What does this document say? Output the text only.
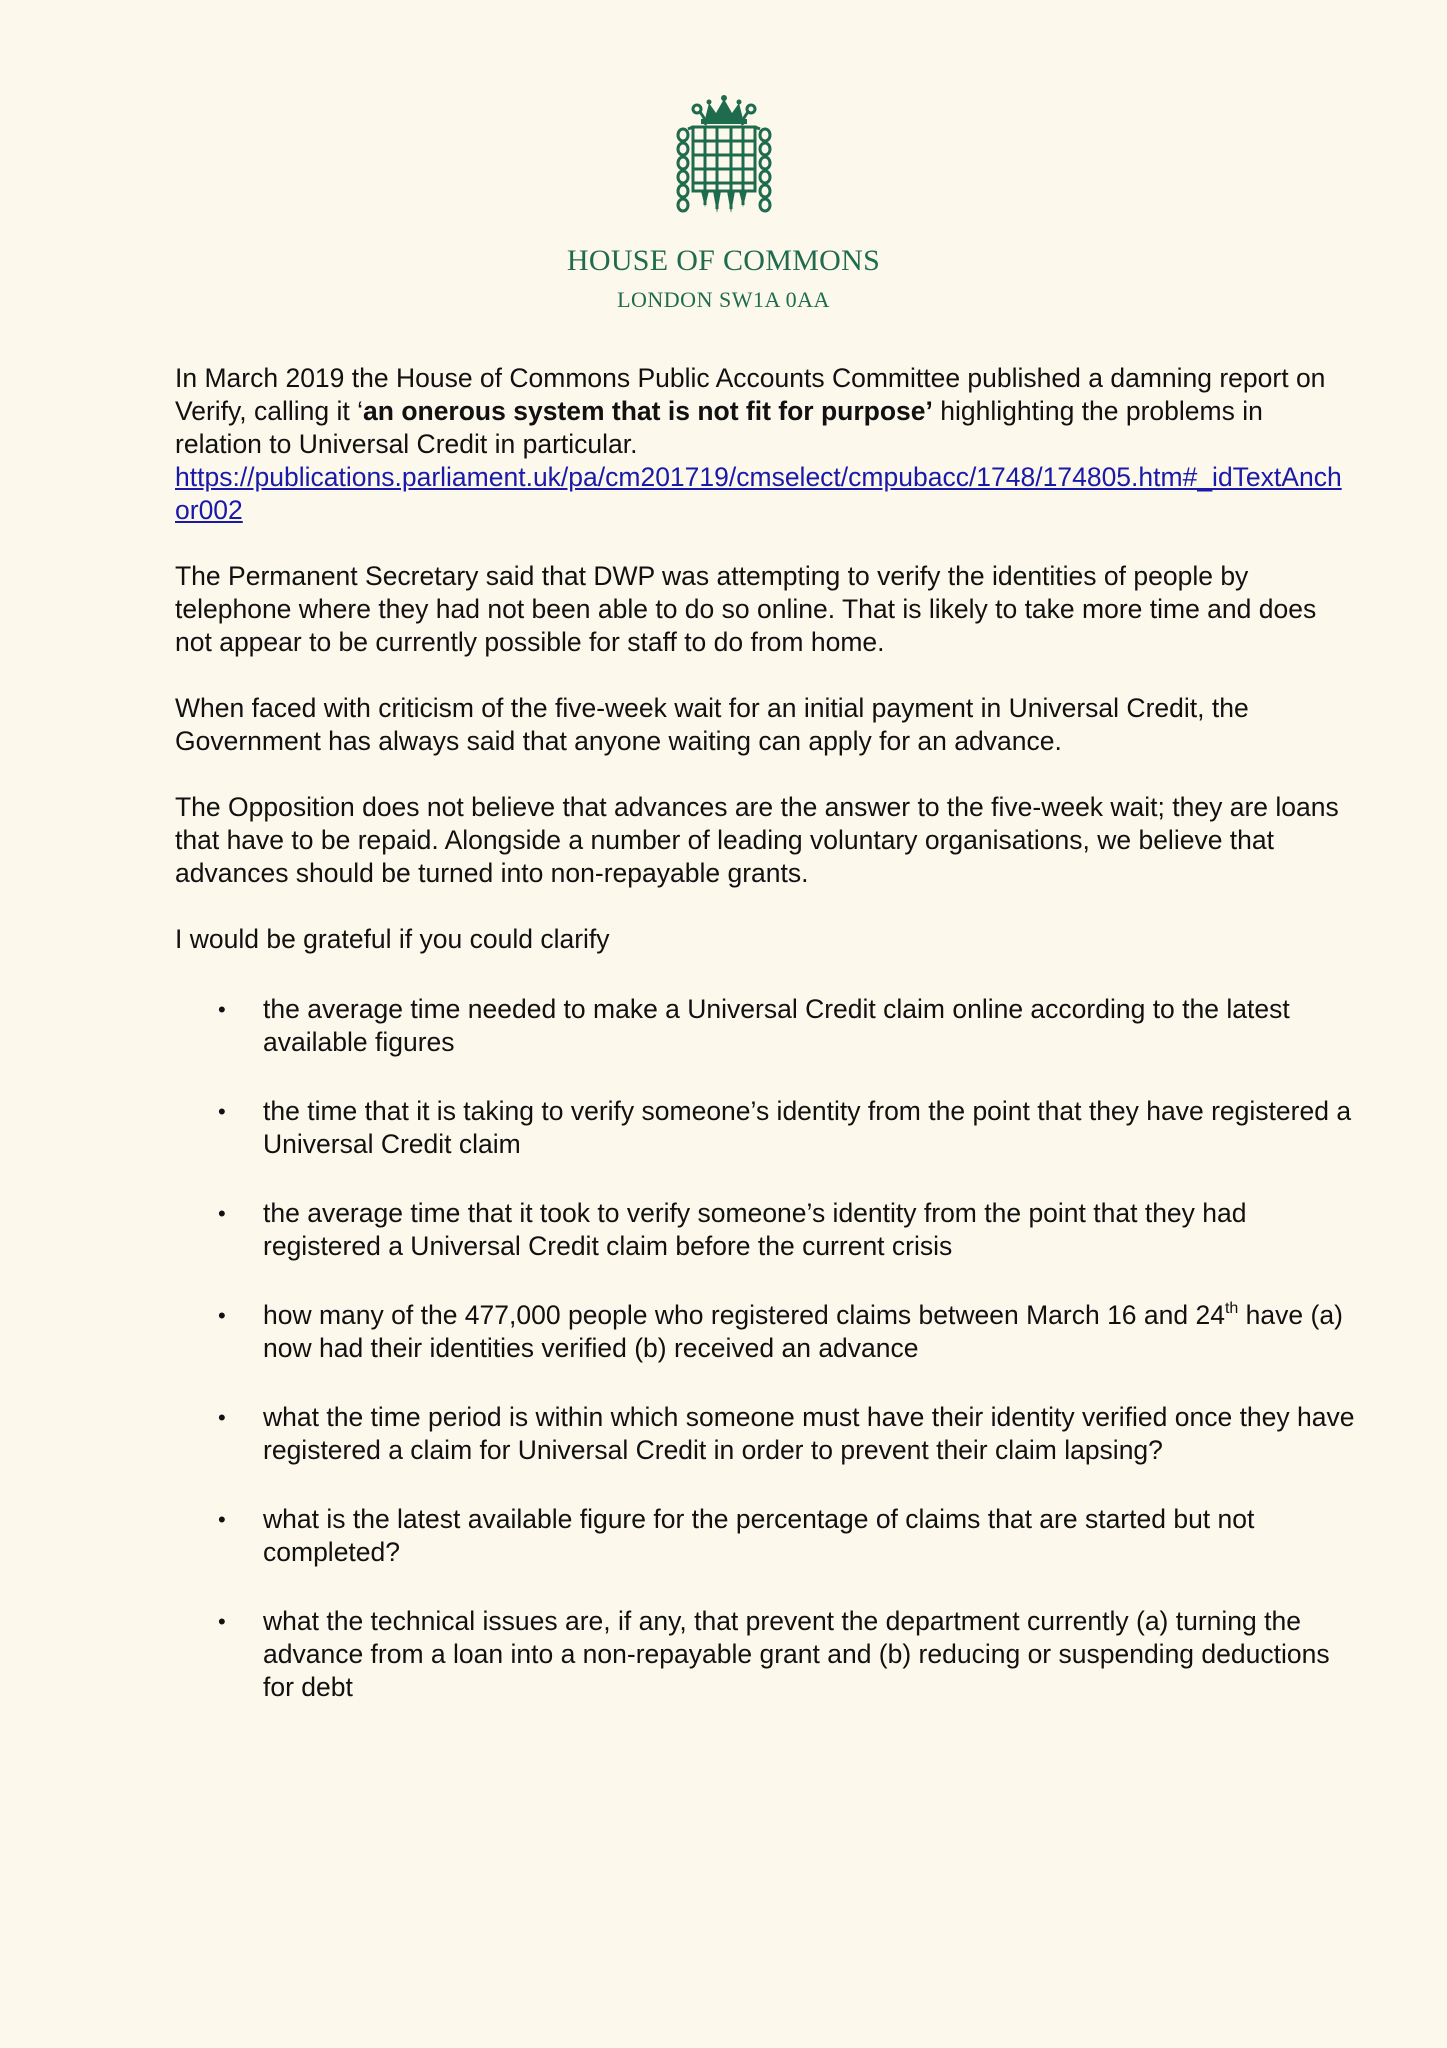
HOUSE OF COMMONS
LONDON SW1A 0AA

In March 2019 the House of Commons Public Accounts Committee published a damning report on Verify, calling it ‘an onerous system that is not fit for purpose’ highlighting the problems in relation to Universal Credit in particular.
https://publications.parliament.uk/pa/cm201719/cmselect/cmpubacc/1748/174805.htm#_idTextAnchor002

The Permanent Secretary said that DWP was attempting to verify the identities of people by telephone where they had not been able to do so online. That is likely to take more time and does not appear to be currently possible for staff to do from home.

When faced with criticism of the five-week wait for an initial payment in Universal Credit, the Government has always said that anyone waiting can apply for an advance.

The Opposition does not believe that advances are the answer to the five-week wait; they are loans that have to be repaid. Alongside a number of leading voluntary organisations, we believe that advances should be turned into non-repayable grants.

I would be grateful if you could clarify

• the average time needed to make a Universal Credit claim online according to the latest available figures
• the time that it is taking to verify someone’s identity from the point that they have registered a Universal Credit claim
• the average time that it took to verify someone’s identity from the point that they had registered a Universal Credit claim before the current crisis
• how many of the 477,000 people who registered claims between March 16 and 24th have (a) now had their identities verified (b) received an advance
• what the time period is within which someone must have their identity verified once they have registered a claim for Universal Credit in order to prevent their claim lapsing?
• what is the latest available figure for the percentage of claims that are started but not completed?
• what the technical issues are, if any, that prevent the department currently (a) turning the advance from a loan into a non-repayable grant and (b) reducing or suspending deductions for debt
